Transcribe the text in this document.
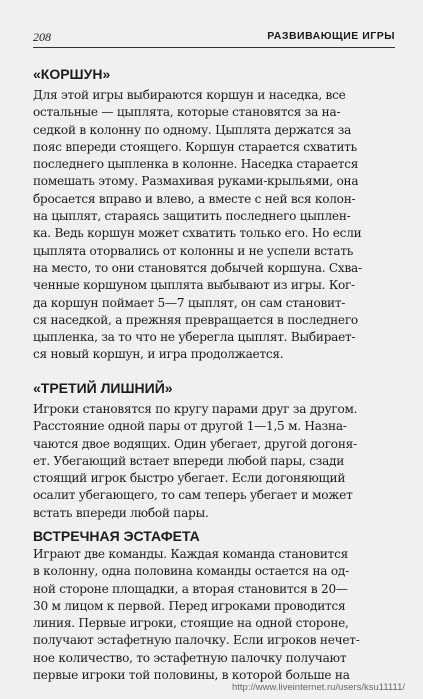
208	РАЗВИВАЮЩИЕ ИГРЫ
«КОРШУН»
Для этой игры выбираются коршун и наседка, все
остальные — цыплята, которые становятся за на-
седкой в колонну по одному. Цыплята держатся за
пояс впереди стоящего. Коршун старается схватить
последнего цыпленка в колонне. Наседка старается
помешать этому. Размахивая руками-крыльями, она
бросается вправо и влево, а вместе с ней вся колон-
на цыплят, стараясь защитить последнего цыплен-
ка. Ведь коршун может схватить только его. Но если
цыплята оторвались от колонны и не успели встать
на место, то они становятся добычей коршуна. Схва-
ченные коршуном цыплята выбывают из игры. Ког-
да коршун поймает 5—7 цыплят, он сам становит-
ся наседкой, а прежняя превращается в последнего
цыпленка, за то что не уберегла цыплят. Выбирает-
ся новый коршун, и игра продолжается.
«ТРЕТИЙ ЛИШНИЙ»
Игроки становятся по кругу парами друг за другом.
Расстояние одной пары от другой 1—1,5 м. Назна-
чаются двое водящих. Один убегает, другой догоня-
ет. Убегающий встает впереди любой пары, сзади
стоящий игрок быстро убегает. Если догоняющий
осалит убегающего, то сам теперь убегает и может
встать впереди любой пары.
ВСТРЕЧНАЯ ЭСТАФЕТА
Играют две команды. Каждая команда становится
в колонну, одна половина команды остается на од-
ной стороне площадки, а вторая становится в 20—
30 м лицом к первой. Перед игроками проводится
линия. Первые игроки, стоящие на одной стороне,
получают эстафетную палочку. Если игроков нечет-
ное количество, то эстафетную палочку получают
первые игроки той половины, в которой больше на
http://www.liveinternet.ru/users/ksu11111/
